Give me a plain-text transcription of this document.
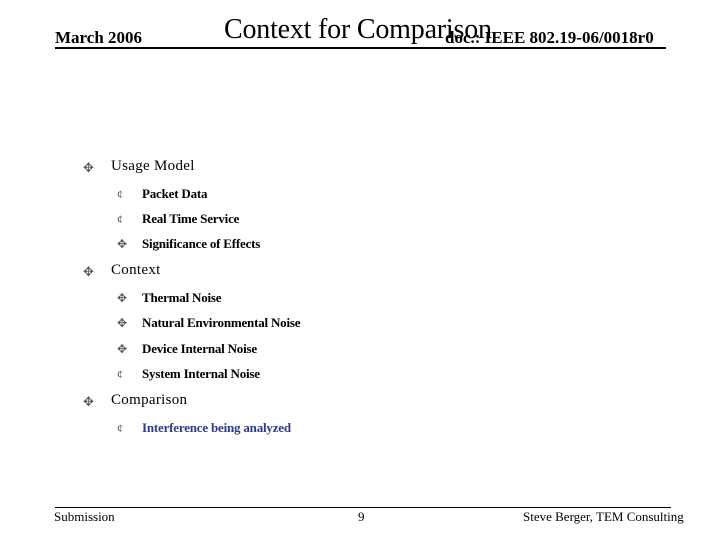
March 2006	doc.: IEEE 802.19-06/0018r0
Context for Comparison
✥ Usage Model
¢ Packet Data
¢ Real Time Service
✥ Significance of Effects
✥ Context
✥ Thermal Noise
✥ Natural Environmental Noise
✥ Device Internal Noise
¢ System Internal Noise
✥ Comparison
¢ Interference being analyzed
Submission	9	Steve Berger, TEM Consulting
